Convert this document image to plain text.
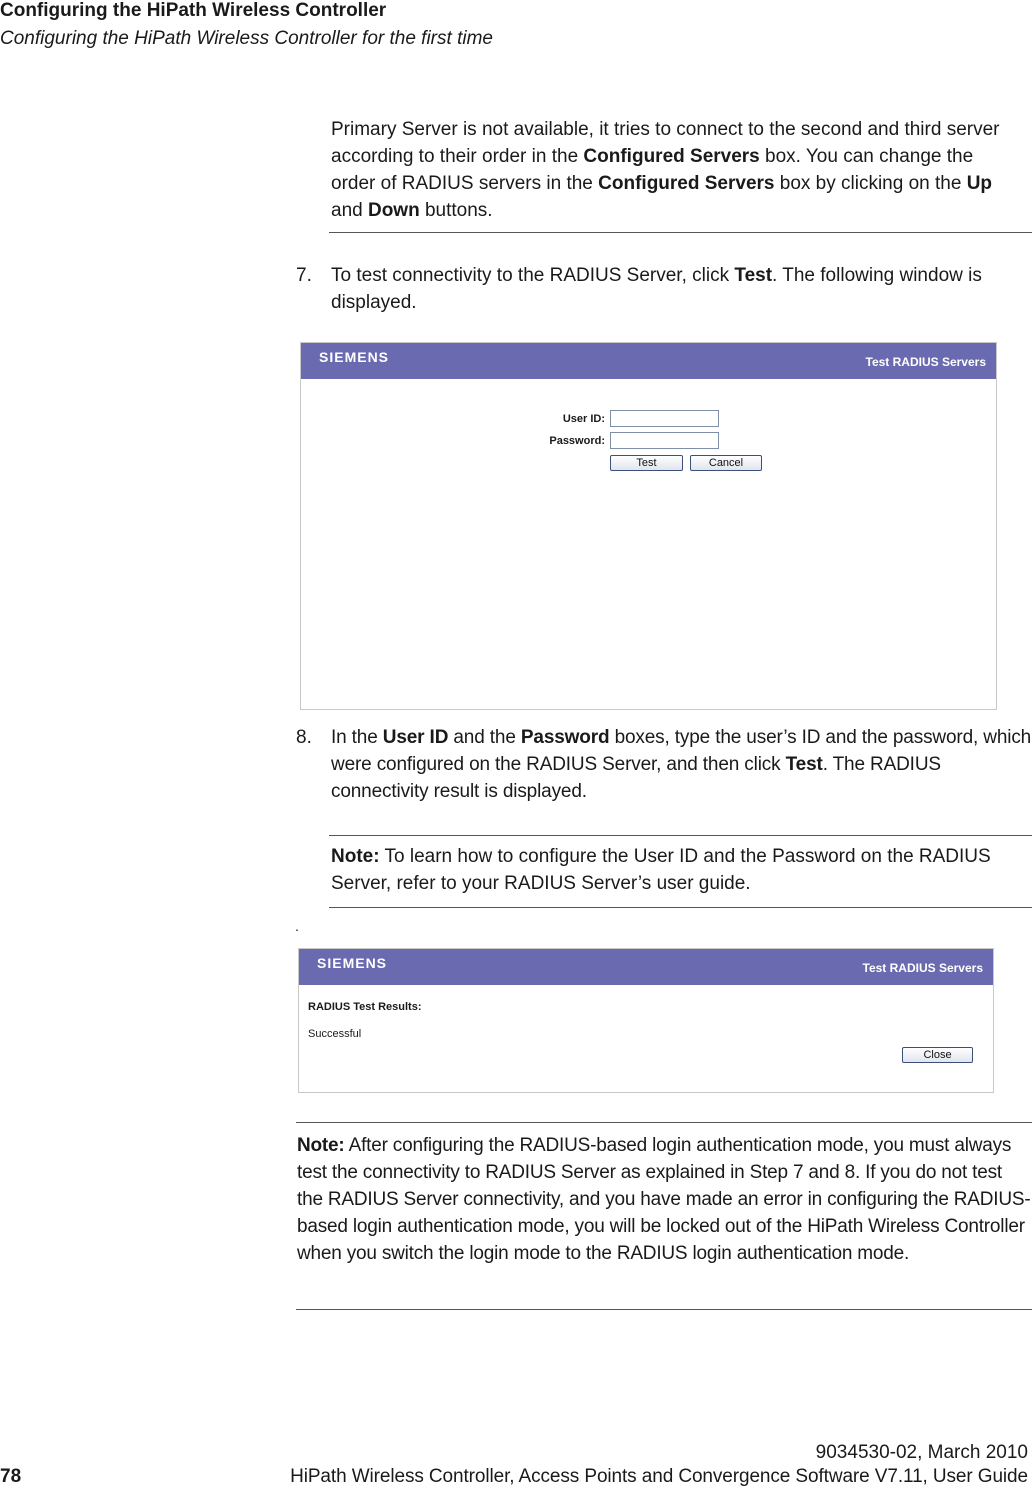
Configuring the HiPath Wireless Controller
Configuring the HiPath Wireless Controller for the first time
Primary Server is not available, it tries to connect to the second and third server according to their order in the Configured Servers box. You can change the order of RADIUS servers in the Configured Servers box by clicking on the Up and Down buttons.
7. To test connectivity to the RADIUS Server, click Test. The following window is displayed.
SIEMENS	Test RADIUS Servers
User ID:
Password:
Test	Cancel
8. In the User ID and the Password boxes, type the user’s ID and the password, which were configured on the RADIUS Server, and then click Test. The RADIUS connectivity result is displayed.
Note: To learn how to configure the User ID and the Password on the RADIUS Server, refer to your RADIUS Server’s user guide.
.
SIEMENS	Test RADIUS Servers
RADIUS Test Results:
Successful
Close
Note: After configuring the RADIUS-based login authentication mode, you must always test the connectivity to RADIUS Server as explained in Step 7 and 8. If you do not test the RADIUS Server connectivity, and you have made an error in configuring the RADIUS-based login authentication mode, you will be locked out of the HiPath Wireless Controller when you switch the login mode to the RADIUS login authentication mode.
9034530-02, March 2010
78	HiPath Wireless Controller, Access Points and Convergence Software V7.11, User Guide
